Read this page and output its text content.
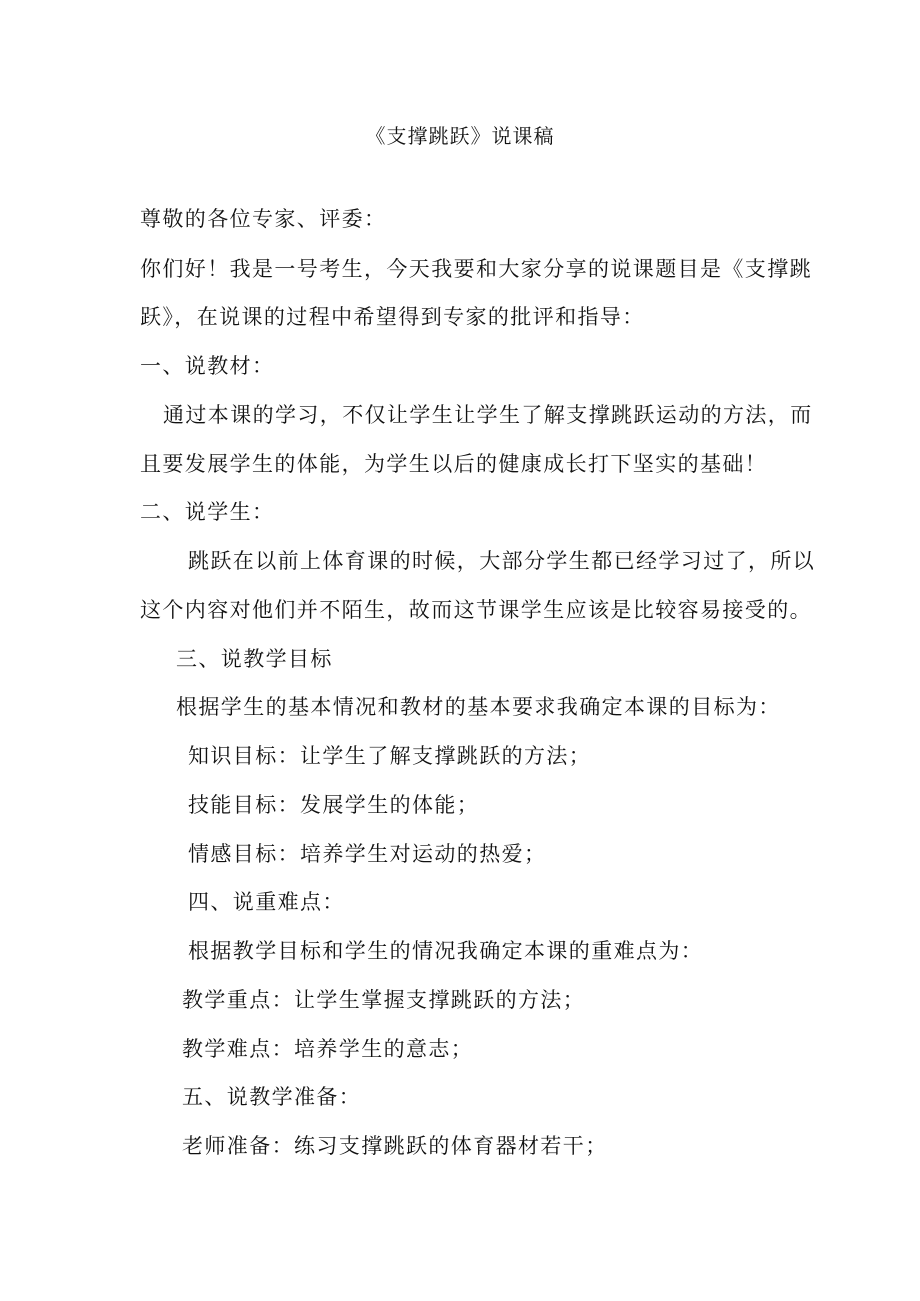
《支撑跳跃》说课稿
尊敬的各位专家、评委：
你们好！我是一号考生，今天我要和大家分享的说课题目是《支撑跳
跃》，在说课的过程中希望得到专家的批评和指导：
一、说教材：
通过本课的学习，不仅让学生让学生了解支撑跳跃运动的方法，而
且要发展学生的体能，为学生以后的健康成长打下坚实的基础！
二、说学生：
跳跃在以前上体育课的时候，大部分学生都已经学习过了，所以
这个内容对他们并不陌生，故而这节课学生应该是比较容易接受的。
三、说教学目标
根据学生的基本情况和教材的基本要求我确定本课的目标为：
知识目标：让学生了解支撑跳跃的方法；
技能目标：发展学生的体能；
情感目标：培养学生对运动的热爱；
四、说重难点：
根据教学目标和学生的情况我确定本课的重难点为：
教学重点：让学生掌握支撑跳跃的方法；
教学难点：培养学生的意志；
五、说教学准备：
老师准备：练习支撑跳跃的体育器材若干；
